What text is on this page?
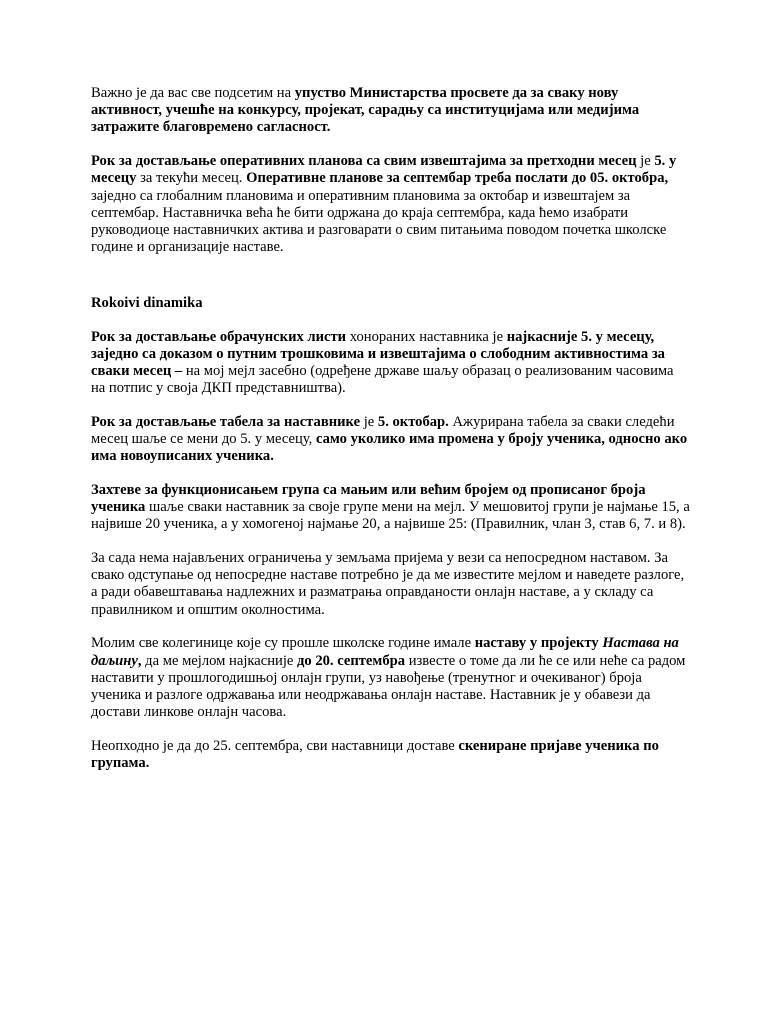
Важно је да вас све подсетим на упуство Министарства просвете да за сваку нову активност, учешће на конкурсу, пројекат, сарадњу са институцијама или медијима затражите благовремено сагласност.

Рок за достављање оперативних планова са свим извештајима за претходни месец је 5. у месецу за текући месец. Оперативне планове за септембар треба послати до 05. октобра, заједно са глобалним плановима и оперативним плановима за октобар и извештајем за септембар. Наставничка већа ће бити одржана до краја септембра, када ћемо изабрати руководиоце наставничких актива и разговарати о свим питањима поводом почетка школске године и организације наставе.

Rokoivi dinamika

Рок за достављање обрачунских листи хонораних наставника је најкасније 5. у месецу, заједно са доказом о путним трошковима и извештајима о слободним активностима за сваки месец – на мој мејл засебно (одређене државе шаљу образац о реализованим часовима на потпис у своја ДКП представништва).

Рок за достављање табела за наставнике је 5. октобар. Ажурирана табела за сваки следећи месец шаље се мени до 5. у месецу, само уколико има промена у броју ученика, односно ако има новоуписаних ученика.

Захтеве за функционисањем група са мањим или већим бројем од прописаног броја ученика шаље сваки наставник за своје групе мени на мејл. У мешовитој групи је најмање 15, а највише 20 ученика, а у хомогеној најмање 20, а највише 25: (Правилник, члан 3, став 6, 7. и 8).

За сада нема најављених ограничења у земљама пријема у вези са непосредном наставом. За свако одступање од непосредне наставе потребно је да ме известите мејлом и наведете разлоге, а ради обавештавања надлежних и разматрања оправданости онлајн наставе, а у складу са правилником и општим околностима.

Молим све колегинице које су прошле школске године имале наставу у пројекту Настава на даљину, да ме мејлом најкасније до 20. септембра известе о томе да ли ће се или неће са радом наставити у прошлогодишњој онлајн групи, уз навођење (тренутног и очекиваног) броја ученика и разлоге одржавања или неодржавања онлајн наставе. Наставник је у обавези да достави линкове онлајн часова.

Неопходно је да до 25. септембра, сви наставници доставе скениране пријаве ученика по групама.
